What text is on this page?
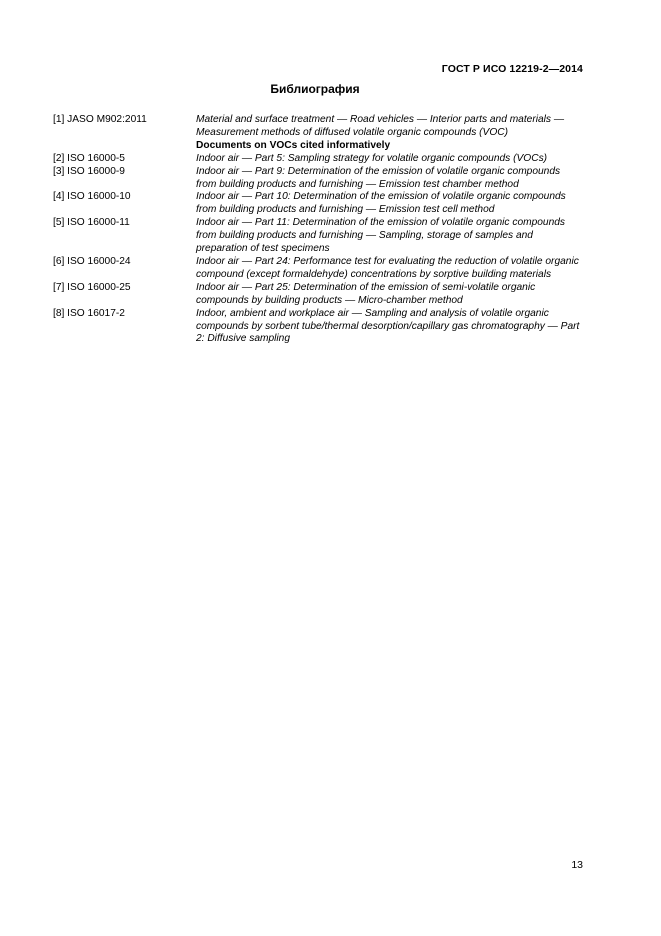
ГОСТ Р ИСО 12219-2—2014
Библиография
[1] JASO M902:2011	Material and surface treatment — Road vehicles — Interior parts and materials — Measurement methods of diffused volatile organic compounds (VOC)
Documents on VOCs cited informatively
[2] ISO 16000-5	Indoor air — Part 5: Sampling strategy for volatile organic compounds (VOCs)
[3] ISO 16000-9	Indoor air — Part 9: Determination of the emission of volatile organic compounds from building products and furnishing — Emission test chamber method
[4] ISO 16000-10	Indoor air — Part 10: Determination of the emission of volatile organic compounds from building products and furnishing — Emission test cell method
[5] ISO 16000-11	Indoor air — Part 11: Determination of the emission of volatile organic compounds from building products and furnishing — Sampling, storage of samples and preparation of test specimens
[6] ISO 16000-24	Indoor air — Part 24: Performance test for evaluating the reduction of volatile organic compound (except formaldehyde) concentrations by sorptive building materials
[7] ISO 16000-25	Indoor air — Part 25: Determination of the emission of semi-volatile organic compounds by building products — Micro-chamber method
[8] ISO 16017-2	Indoor, ambient and workplace air — Sampling and analysis of volatile organic compounds by sorbent tube/thermal desorption/capillary gas chromatography — Part 2: Diffusive sampling
13
